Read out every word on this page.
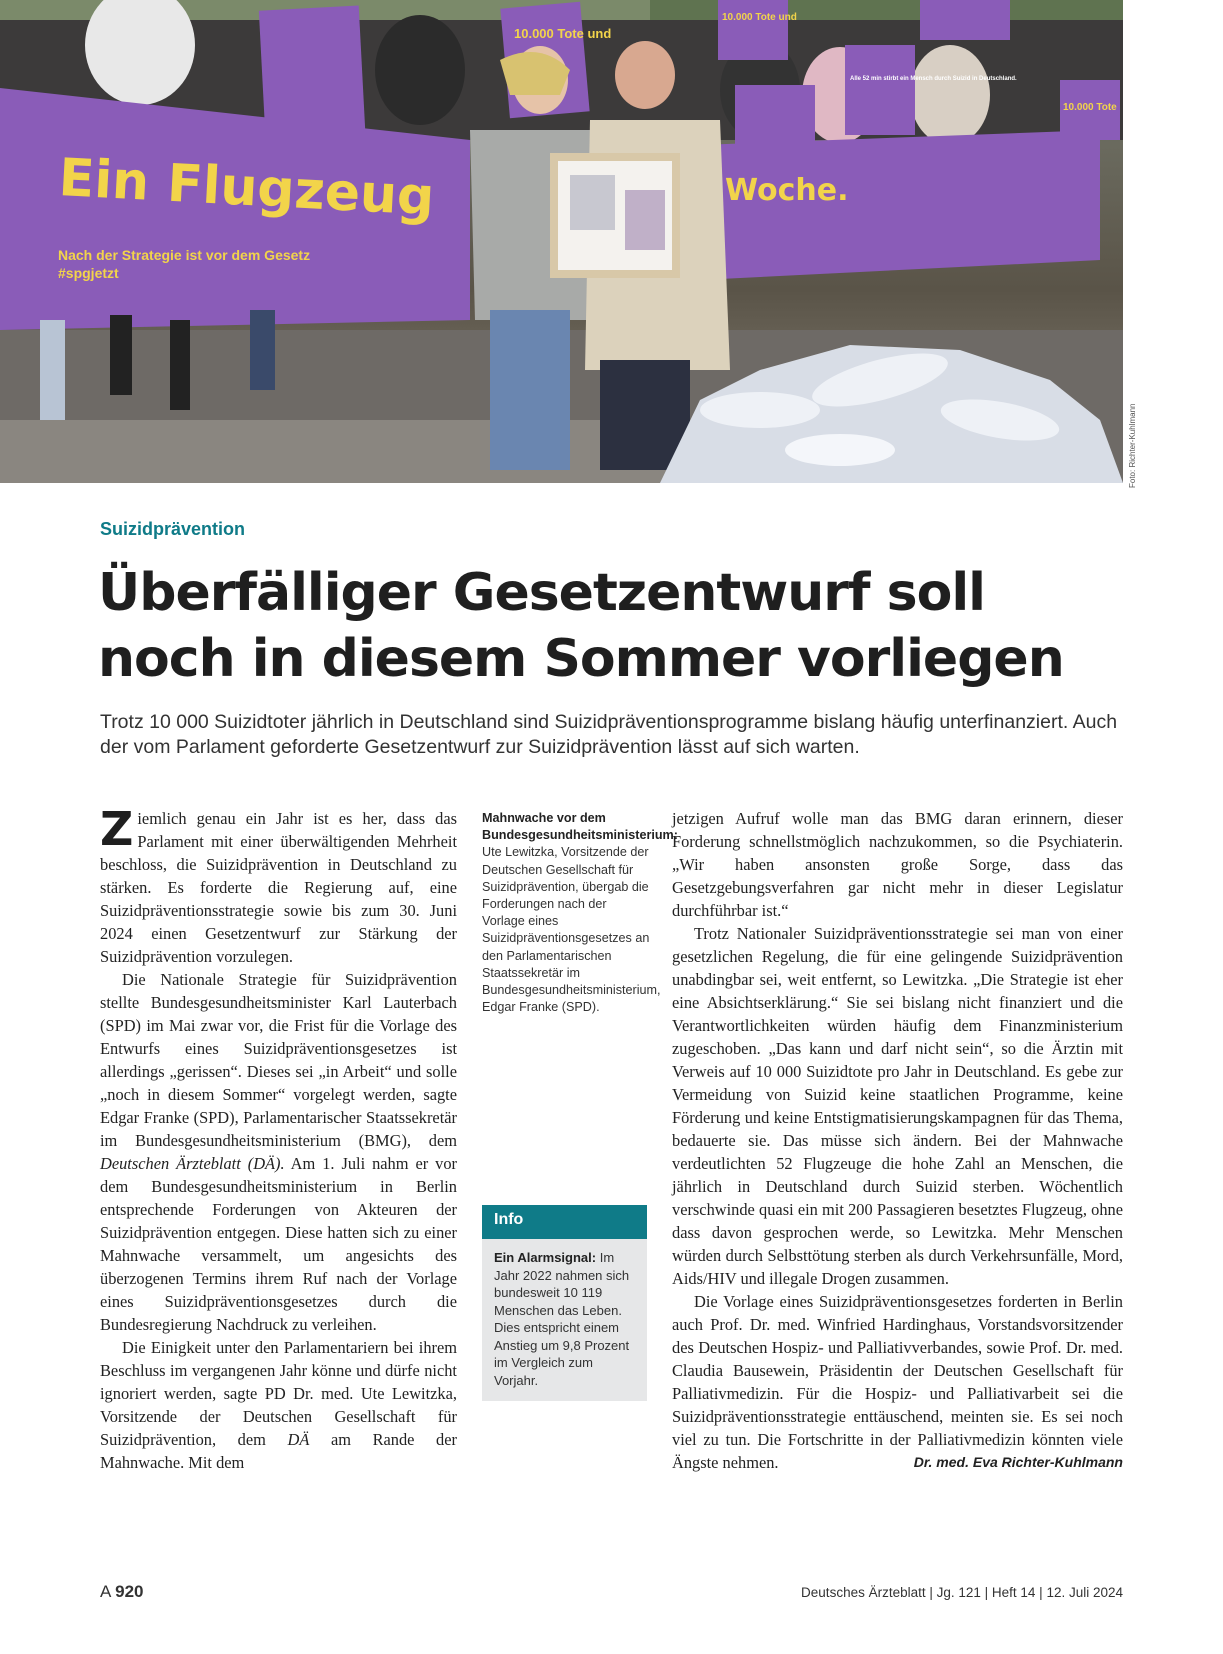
10.000 Tote und
10.000 Tote und
Alle 52 min stirbt ein Mensch durch Suizid in Deutschland.
10.000 Tote
Ein Flugzeug	Woche.
Nach der Strategie ist vor dem Gesetz
#spgjetzt
Foto: Richter-Kuhlmann
Suizidprävention
Überfälliger Gesetzentwurf soll
noch in diesem Sommer vorliegen
Trotz 10 000 Suizidtoter jährlich in Deutschland sind Suizidpräventionsprogramme bislang häufig unterfinanziert. Auch der vom Parlament geforderte Gesetzentwurf zur Suizidprävention lässt auf sich warten.

Ziemlich genau ein Jahr ist es her, dass das Parlament mit einer überwältigenden Mehrheit beschloss, die Suizidprävention in Deutschland zu stärken. Es forderte die Regierung auf, eine Suizidpräventionsstrategie sowie bis zum 30. Juni 2024 einen Gesetzentwurf zur Stärkung der Suizidprävention vorzulegen.

Die Nationale Strategie für Suizidprävention stellte Bundesgesundheitsminister Karl Lauterbach (SPD) im Mai zwar vor, die Frist für die Vorlage des Entwurfs eines Suizidpräventionsgesetzes ist allerdings „gerissen“. Dieses sei „in Arbeit“ und solle „noch in diesem Sommer“ vorgelegt werden, sagte Edgar Franke (SPD), Parlamentarischer Staatssekretär im Bundesgesundheitsministerium (BMG), dem Deutschen Ärzteblatt (DÄ). Am 1. Juli nahm er vor dem Bundesgesundheitsministerium in Berlin entsprechende Forderungen von Akteuren der Suizidprävention entgegen. Diese hatten sich zu einer Mahnwache versammelt, um angesichts des überzogenen Termins ihrem Ruf nach der Vorlage eines Suizidpräventionsgesetzes durch die Bundesregierung Nachdruck zu verleihen.

Die Einigkeit unter den Parlamentariern bei ihrem Beschluss im vergangenen Jahr könne und dürfe nicht ignoriert werden, sagte PD Dr. med. Ute Lewitzka, Vorsitzende der Deutschen Gesellschaft für Suizidprävention, dem DÄ am Rande der Mahnwache. Mit dem

Mahnwache vor dem Bundesgesundheitsministerium:
Ute Lewitzka, Vorsitzende der Deutschen Gesellschaft für Suizidprävention, übergab die Forderungen nach der Vorlage eines Suizidpräventionsgesetzes an den Parlamentarischen Staatssekretär im Bundesgesundheitsministerium, Edgar Franke (SPD).
Info
Ein Alarmsignal: Im Jahr 2022 nahmen sich bundesweit 10 119 Menschen das Leben. Dies entspricht einem Anstieg um 9,8 Prozent im Vergleich zum Vorjahr.

jetzigen Aufruf wolle man das BMG daran erinnern, dieser Forderung schnellstmöglich nachzukommen, so die Psychiaterin. „Wir haben ansonsten große Sorge, dass das Gesetzgebungsverfahren gar nicht mehr in dieser Legislatur durchführbar ist.“

Trotz Nationaler Suizidpräventionsstrategie sei man von einer gesetzlichen Regelung, die für eine gelingende Suizidprävention unabdingbar sei, weit entfernt, so Lewitzka. „Die Strategie ist eher eine Absichtserklärung.“ Sie sei bislang nicht finanziert und die Verantwortlichkeiten würden häufig dem Finanzministerium zugeschoben. „Das kann und darf nicht sein“, so die Ärztin mit Verweis auf 10 000 Suizidtote pro Jahr in Deutschland. Es gebe zur Vermeidung von Suizid keine staatlichen Programme, keine Förderung und keine Entstigmatisierungskampagnen für das Thema, bedauerte sie. Das müsse sich ändern. Bei der Mahnwache verdeutlichten 52 Flugzeuge die hohe Zahl an Menschen, die jährlich in Deutschland durch Suizid sterben. Wöchentlich verschwinde quasi ein mit 200 Passagieren besetztes Flugzeug, ohne dass davon gesprochen werde, so Lewitzka. Mehr Menschen würden durch Selbsttötung sterben als durch Verkehrsunfälle, Mord, Aids/HIV und illegale Drogen zusammen.

Die Vorlage eines Suizidpräventionsgesetzes forderten in Berlin auch Prof. Dr. med. Winfried Hardinghaus, Vorstandsvorsitzender des Deutschen Hospiz- und Palliativverbandes, sowie Prof. Dr. med. Claudia Bausewein, Präsidentin der Deutschen Gesellschaft für Palliativmedizin. Für die Hospiz- und Palliativarbeit sei die Suizidpräventionsstrategie enttäuschend, meinten sie. Es sei noch viel zu tun. Die Fortschritte in der Palliativmedizin könnten viele Ängste nehmen.	Dr. med. Eva Richter-Kuhlmann

A 920	Deutsches Ärzteblatt | Jg. 121 | Heft 14 | 12. Juli 2024
